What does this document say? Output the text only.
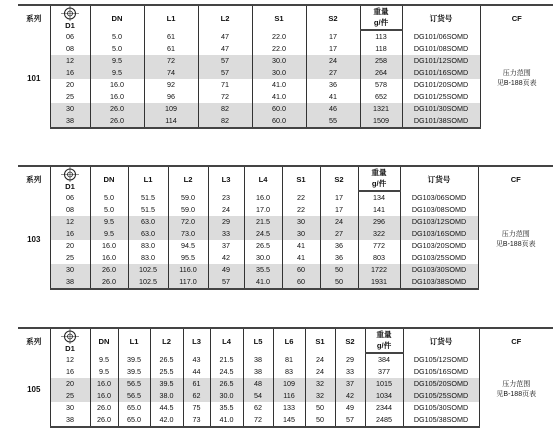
系列	D1	DN	L1	L2	S1	S2	重量	订货号	CF
							g/件		
101	06	5.0	61	47	22.0	17	113	DG101/06SOMD	压力范围
见B-188页表

	08	5.0	61	47	22.0	17	118	DG101/08SOMD	
	12	9.5	72	57	30.0	24	258	DG101/12SOMD	
	16	9.5	74	57	30.0	27	264	DG101/16SOMD	
	20	16.0	92	71	41.0	36	578	DG101/20SOMD	
	25	16.0	96	72	41.0	41	652	DG101/25SOMD	
	30	26.0	109	82	60.0	46	1321	DG101/30SOMD	
	38	26.0	114	82	60.0	55	1509	DG101/38SOMD	
系列	D1	DN	L1	L2	L3	L4	S1	S2	重量	订货号	CF
									g/件		
103	06	5.0	51.5	59.0	23	16.0	22	17	134	DG103/06SOMD	压力范围
见B-188页表

	08	5.0	51.5	59.0	24	17.0	22	17	141	DG103/08SOMD	
	12	9.5	63.0	72.0	29	21.5	30	24	296	DG103/12SOMD	
	16	9.5	63.0	73.0	33	24.5	30	27	322	DG103/16SOMD	
	20	16.0	83.0	94.5	37	26.5	41	36	772	DG103/20SOMD	
	25	16.0	83.0	95.5	42	30.0	41	36	803	DG103/25SOMD	
	30	26.0	102.5	116.0	49	35.5	60	50	1722	DG103/30SOMD	
	38	26.0	102.5	117.0	57	41.0	60	50	1931	DG103/38SOMD	
系列	D1	DN	L1	L2	L3	L4	L5	L6	S1	S2	重量	订货号	CF
											g/件		
105	12	9.5	39.5	26.5	43	21.5	38	81	24	29	384	DG105/12SOMD	压力范围
见B-188页表

	16	9.5	39.5	25.5	44	24.5	38	83	24	33	377	DG105/16SOMD	
	20	16.0	56.5	39.5	61	26.5	48	109	32	37	1015	DG105/20SOMD	
	25	16.0	56.5	38.0	62	30.0	54	116	32	42	1034	DG105/25SOMD	
	30	26.0	65.0	44.5	75	35.5	62	133	50	49	2344	DG105/30SOMD	
	38	26.0	65.0	42.0	73	41.0	72	145	50	57	2485	DG105/38SOMD	
